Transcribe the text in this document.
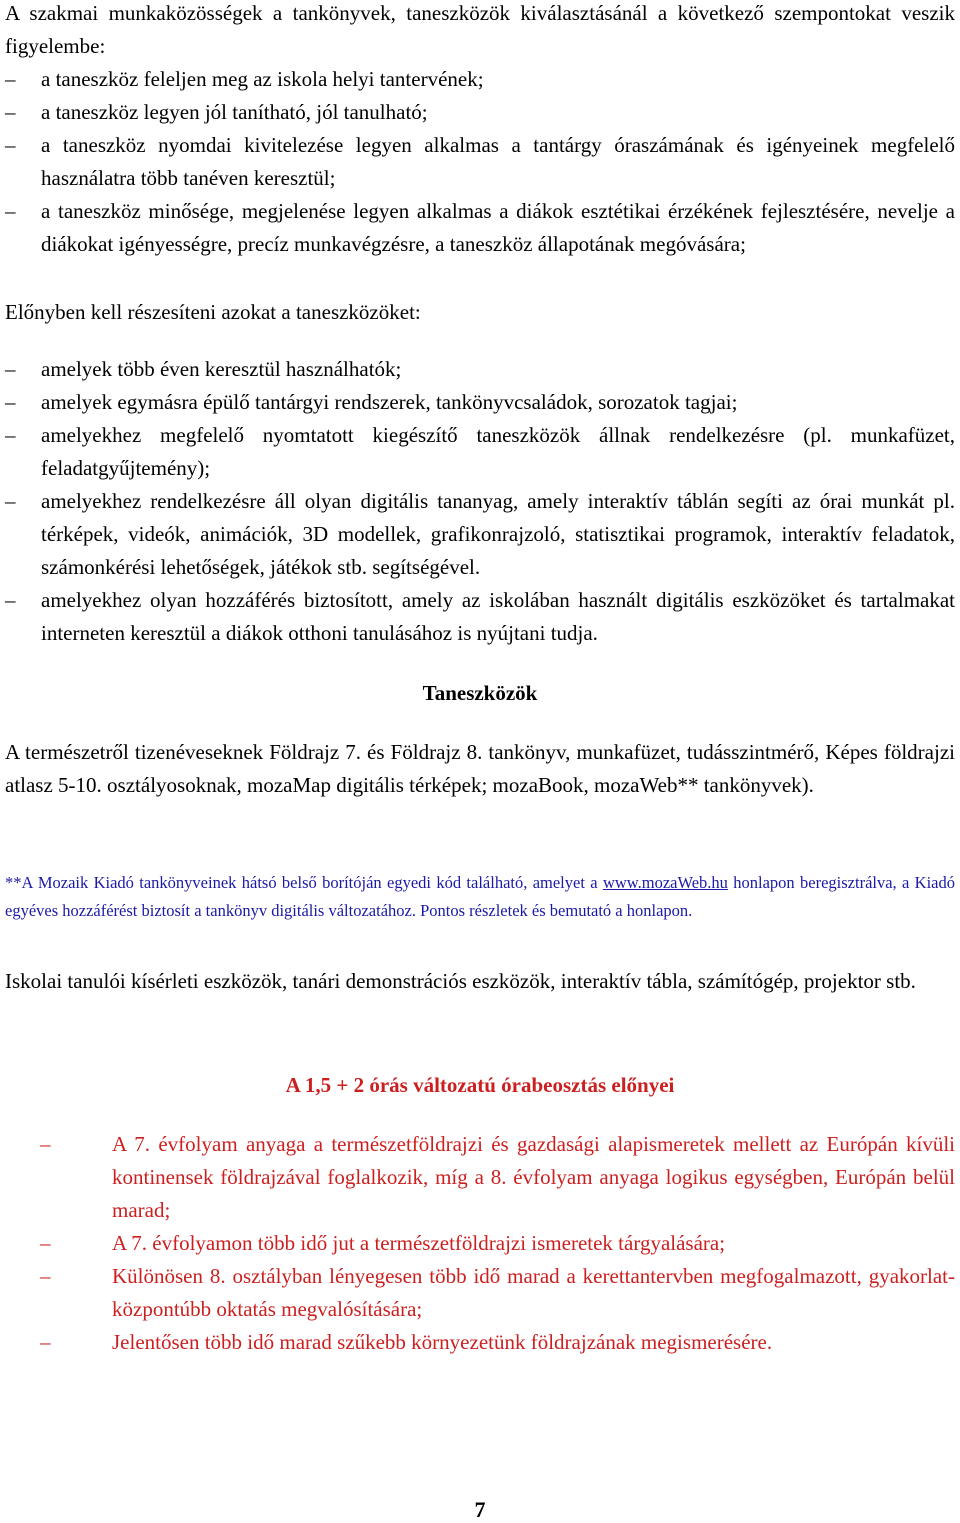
A szakmai munkaközösségek a tankönyvek, taneszközök kiválasztásánál a következő szempontokat veszik figyelembe:

– a taneszköz feleljen meg az iskola helyi tantervének;
– a taneszköz legyen jól tanítható, jól tanulható;
– a taneszköz nyomdai kivitelezése legyen alkalmas a tantárgy óraszámának és igényeinek megfelelő használatra több tanéven keresztül;
– a taneszköz minősége, megjelenése legyen alkalmas a diákok esztétikai érzékének fejlesztésére, nevelje a diákokat igényességre, precíz munkavégzésre, a taneszköz állapotának megóvására;

Előnyben kell részesíteni azokat a taneszközöket:

– amelyek több éven keresztül használhatók;
– amelyek egymásra épülő tantárgyi rendszerek, tankönyvcsaládok, sorozatok tagjai;
– amelyekhez megfelelő nyomtatott kiegészítő taneszközök állnak rendelkezésre (pl. munkafüzet, feladatgyűjtemény);
– amelyekhez rendelkezésre áll olyan digitális tananyag, amely interaktív táblán segíti az órai munkát pl. térképek, videók, animációk, 3D modellek, grafikonrajzoló, statisztikai programok, interaktív feladatok, számonkérési lehetőségek, játékok stb. segítségével.
– amelyekhez olyan hozzáférés biztosított, amely az iskolában használt digitális eszközöket és tartalmakat interneten keresztül a diákok otthoni tanulásához is nyújtani tudja.
Taneszközök

A természetről tizenéveseknek Földrajz 7. és Földrajz 8. tankönyv, munkafüzet, tudásszintmérő, Képes földrajzi atlasz 5-10. osztályosoknak, mozaMap digitális térképek; mozaBook, mozaWeb** tankönyvek).

**A Mozaik Kiadó tankönyveinek hátsó belső borítóján egyedi kód található, amelyet a www.mozaWeb.hu honlapon beregisztrálva, a Kiadó egyéves hozzáférést biztosít a tankönyv digitális változatához. Pontos részletek és bemutató a honlapon.

Iskolai tanulói kísérleti eszközök, tanári demonstrációs eszközök, interaktív tábla, számítógép, projektor stb.

A 1,5 + 2 órás változatú órabeosztás előnyei
–	A 7. évfolyam anyaga a természetföldrajzi és gazdasági alapismeretek mellett az Európán kívüli kontinensek földrajzával foglalkozik, míg a 8. évfolyam anyaga logikus egységben, Európán belül marad;
–	A 7. évfolyamon több idő jut a természetföldrajzi ismeretek tárgyalására;
–	Különösen 8. osztályban lényegesen több idő marad a kerettantervben megfogalmazott, gyakorlat-központúbb oktatás megvalósítására;
–	Jelentősen több idő marad szűkebb környezetünk földrajzának megismerésére.
7
